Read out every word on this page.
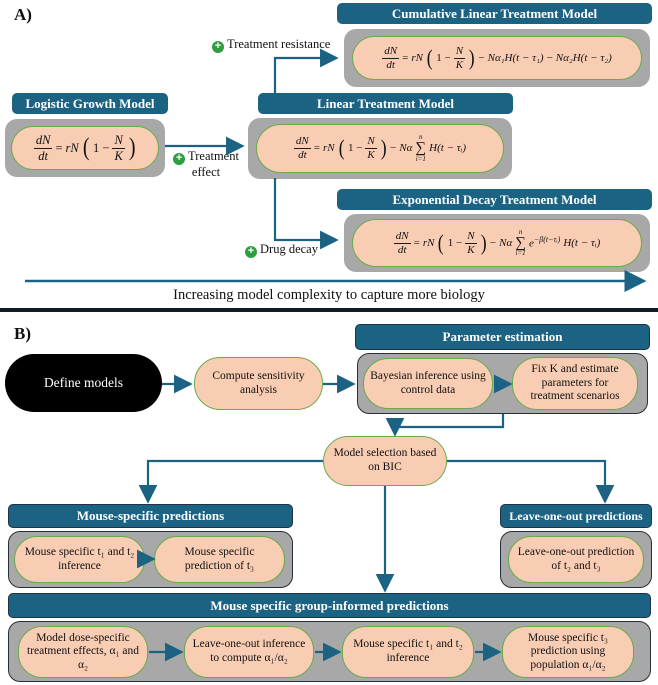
A)
Logistic Growth Model
$\frac{dN}{dt}$ = rN ( $1 - \frac{N}{K}$ )
Linear Treatment Model
$\frac{dN}{dt}$ = rN ( $1 - \frac{N}{K}$ ) − Nα
n
∑
i=1
H(t − τᵢ)
Cumulative Linear Treatment Model
$\frac{dN}{dt}$ = rN ( $1 - \frac{N}{K}$ ) − Nα₁H(t − τ₁) − Nα₂H(t − τ₂)
Exponential Decay Treatment Model
$\frac{dN}{dt}$ = rN ( $1 - \frac{N}{K}$ ) − Nα
n
∑
i=1
$e^{-\beta(t-\tau ᵢ)}$ H(t − τᵢ)
+ Treatment resistance
+ Treatment effect
+ Drug decay
Increasing model complexity to capture more biology
B)
Define models	Compute sensitivity analysis
Parameter estimation
Bayesian inference using control data
Fix K and estimate parameters for treatment scenarios
Model selection based on BIC
Mouse-specific predictions
Mouse specific t₁ and t₂ inference
Mouse specific prediction of t₃
Leave-one-out predictions
Leave-one-out prediction of t₂ and t₃
Mouse specific group-informed predictions
Model dose-specific treatment effects, α₁ and α₂
Leave-one-out inference to compute α₁/α₂
Mouse specific t₁ and t₂ inference
Mouse specific t₃ prediction using population α₁/α₂
